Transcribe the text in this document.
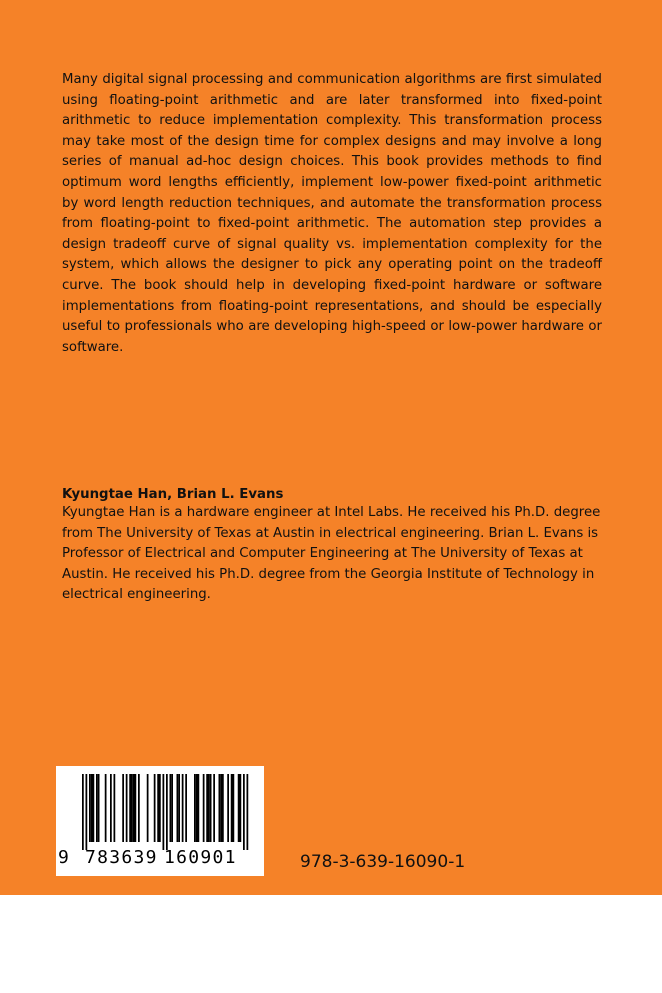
Many digital signal processing and communication algorithms are first simulated using floating-point arithmetic and are later transformed into fixed-point arithmetic to reduce implementation complexity. This transformation process may take most of the design time for complex designs and may involve a long series of manual ad-hoc design choices. This book provides methods to find optimum word lengths efficiently, implement low-power fixed-point arithmetic by word length reduction techniques, and automate the transformation process from floating-point to fixed-point arithmetic. The automation step provides a design tradeoff curve of signal quality vs. implementation complexity for the system, which allows the designer to pick any operating point on the tradeoff curve. The book should help in developing fixed-point hardware or software implementations from floating-point representations, and should be especially useful to professionals who are developing high-speed or low-power hardware or software.

Kyungtae Han, Brian L. Evans

Kyungtae Han is a hardware engineer at Intel Labs. He received his Ph.D. degree from The University of Texas at Austin in electrical engineering. Brian L. Evans is Professor of Electrical and Computer Engineering at The University of Texas at Austin. He received his Ph.D. degree from the Georgia Institute of Technology in electrical engineering.

9 783639 160901	978-3-639-16090-1
